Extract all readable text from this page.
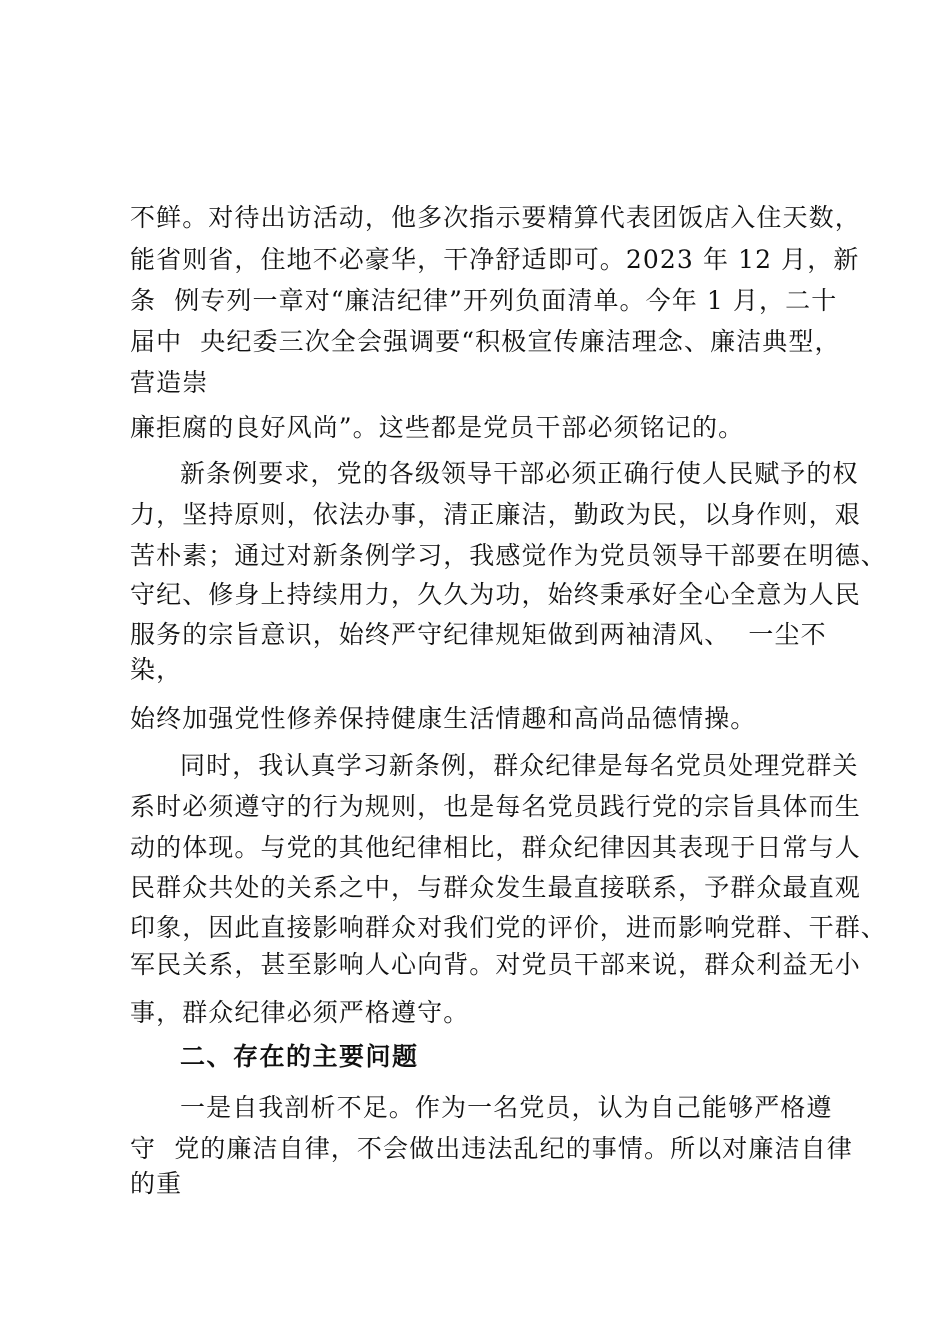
不鲜。对待出访活动，他多次指示要精算代表团饭店入住天数，
能省则省，住地不必豪华，干净舒适即可。2023 年 12 月，新
条  例专列一章对“廉洁纪律”开列负面清单。今年 1 月，二十
届中  央纪委三次全会强调要“积极宣传廉洁理念、廉洁典型，
营造崇
廉拒腐的良好风尚”。这些都是党员干部必须铭记的。
新条例要求，党的各级领导干部必须正确行使人民赋予的权
力，坚持原则，依法办事，清正廉洁，勤政为民，以身作则，艰
苦朴素；通过对新条例学习，我感觉作为党员领导干部要在明德、
守纪、修身上持续用力，久久为功，始终秉承好全心全意为人民
服务的宗旨意识，始终严守纪律规矩做到两袖清风、  一尘不
染，
始终加强党性修养保持健康生活情趣和高尚品德情操。
同时，我认真学习新条例，群众纪律是每名党员处理党群关
系时必须遵守的行为规则，也是每名党员践行党的宗旨具体而生
动的体现。与党的其他纪律相比，群众纪律因其表现于日常与人
民群众共处的关系之中，与群众发生最直接联系，予群众最直观
印象，因此直接影响群众对我们党的评价，进而影响党群、干群、
军民关系，甚至影响人心向背。对党员干部来说，群众利益无小
事，群众纪律必须严格遵守。
二、存在的主要问题
一是自我剖析不足。作为一名党员，认为自己能够严格遵
守  党的廉洁自律，不会做出违法乱纪的事情。所以对廉洁自律
的重
